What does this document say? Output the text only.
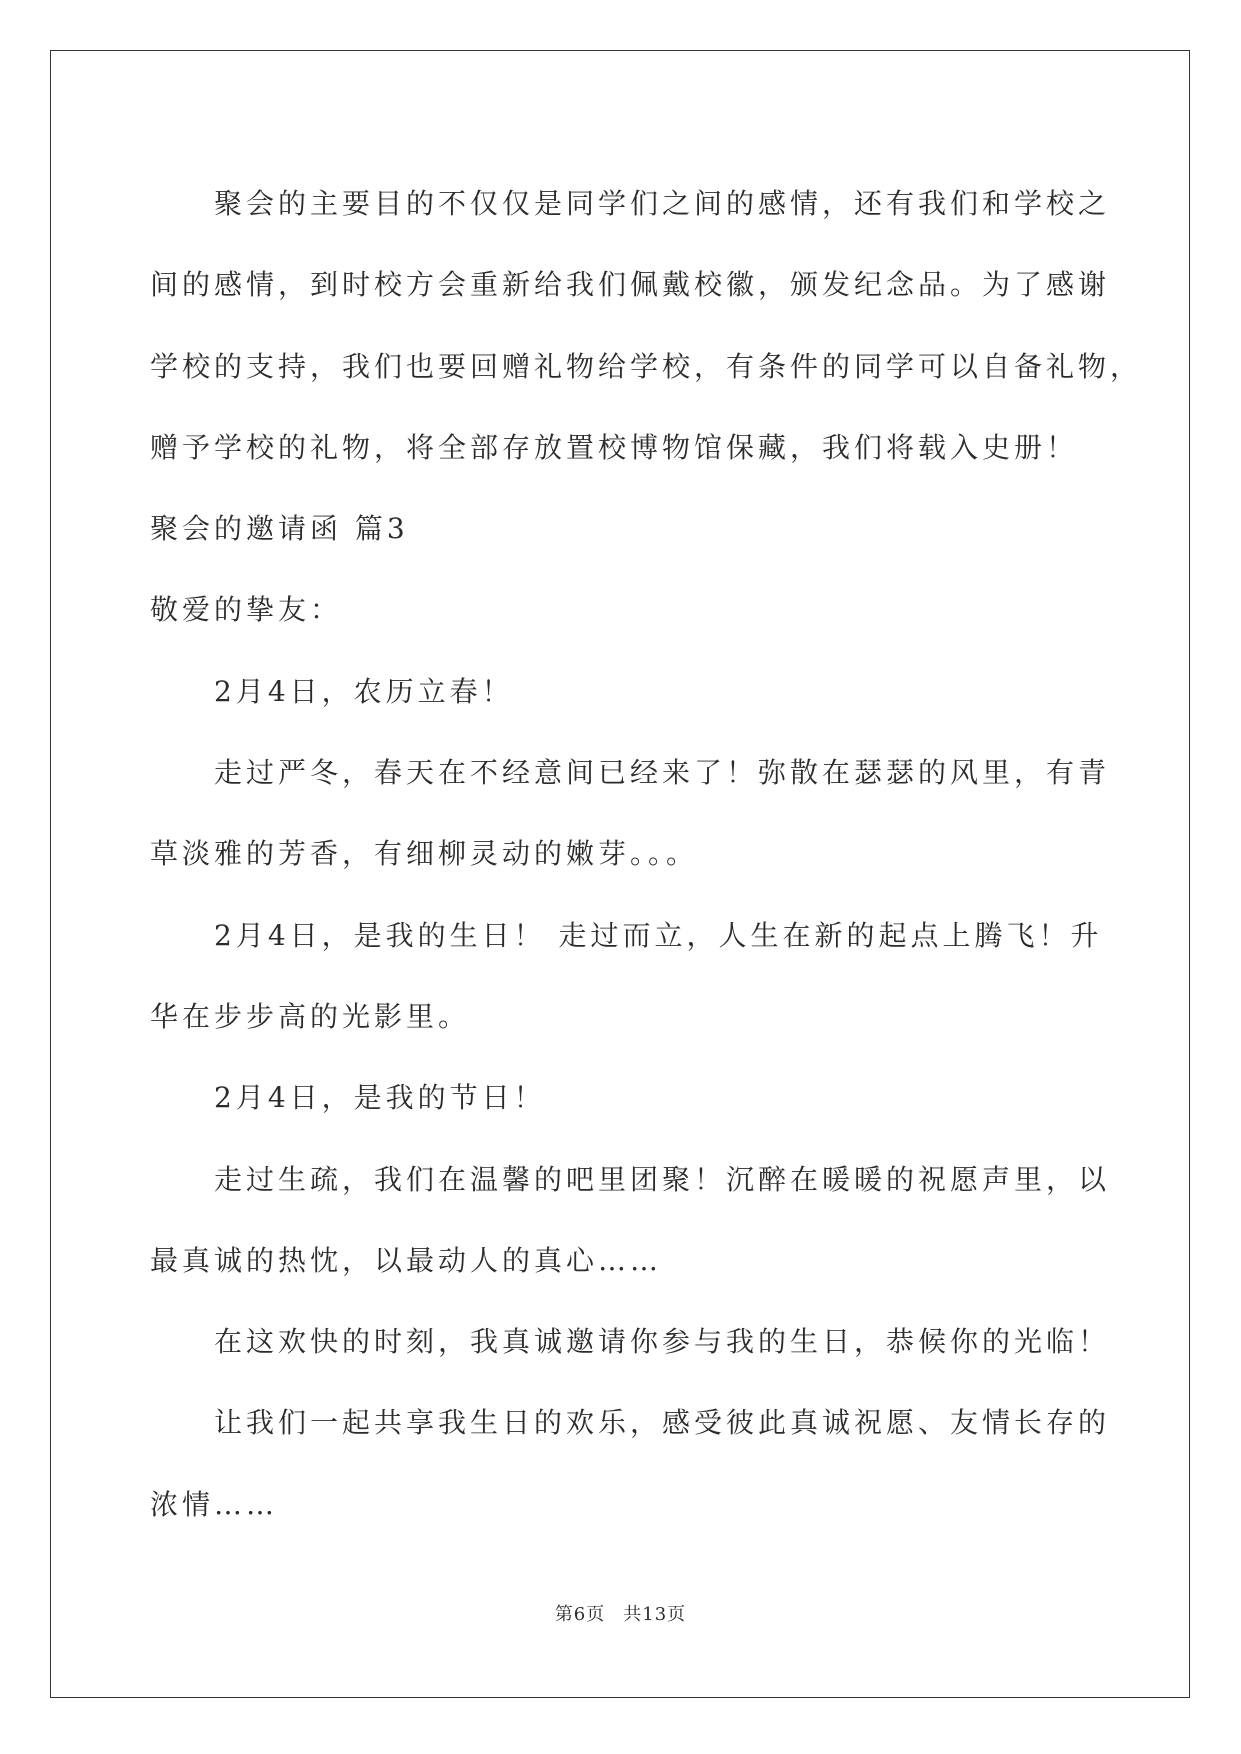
聚会的主要目的不仅仅是同学们之间的感情，还有我们和学校之
间的感情，到时校方会重新给我们佩戴校徽，颁发纪念品。为了感谢
学校的支持，我们也要回赠礼物给学校，有条件的同学可以自备礼物，
赠予学校的礼物，将全部存放置校博物馆保藏，我们将载入史册！
聚会的邀请函 篇3
敬爱的挚友：
2月4日，农历立春！
走过严冬，春天在不经意间已经来了！弥散在瑟瑟的风里，有青
草淡雅的芳香，有细柳灵动的嫩芽。。。
2月4日，是我的生日！ 走过而立，人生在新的起点上腾飞！升
华在步步高的光影里。
2月4日，是我的节日！
走过生疏，我们在温馨的吧里团聚！沉醉在暖暖的祝愿声里，以
最真诚的热忱，以最动人的真心……
在这欢快的时刻，我真诚邀请你参与我的生日，恭候你的光临！
让我们一起共享我生日的欢乐，感受彼此真诚祝愿、友情长存的
浓情……
第6页 共13页
